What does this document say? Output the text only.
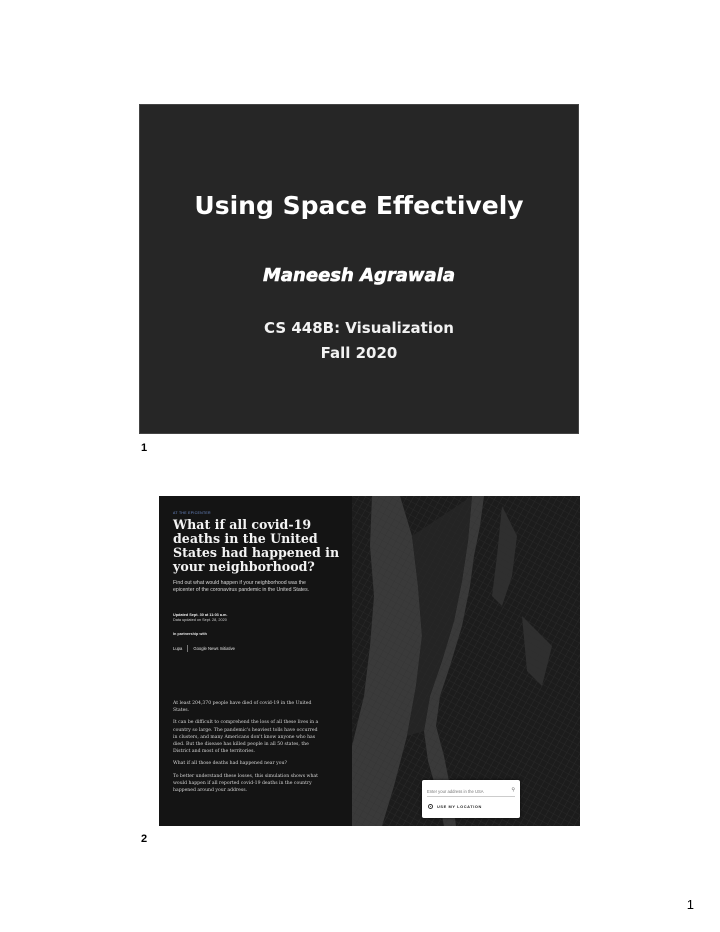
Using Space Effectively
Maneesh Agrawala
CS 448B: Visualization
Fall 2020
1
AT THE EPICENTER
What if all covid-19 deaths in the United States had happened in your neighborhood?
Find out what would happen if your neighborhood was the epicenter of the coronavirus pandemic in the United States.
Updated Sept. 30 at 11:03 a.m.
Data updated on Sept. 28, 2020
In partnership with
Lupa	Google News Initiative

At least 204,370 people have died of covid-19 in the United States.

It can be difficult to comprehend the loss of all these lives in a country so large. The pandemic's heaviest tolls have occurred in clusters, and many Americans don't know anyone who has died. But the disease has killed people in all 50 states, the District and most of the territories.

What if all those deaths had happened near you?

To better understand these losses, this simulation shows what would happen if all reported covid-19 deaths in the country happened around your address.

Enter your address in the USA	⚲
USE MY LOCATION
2
1
